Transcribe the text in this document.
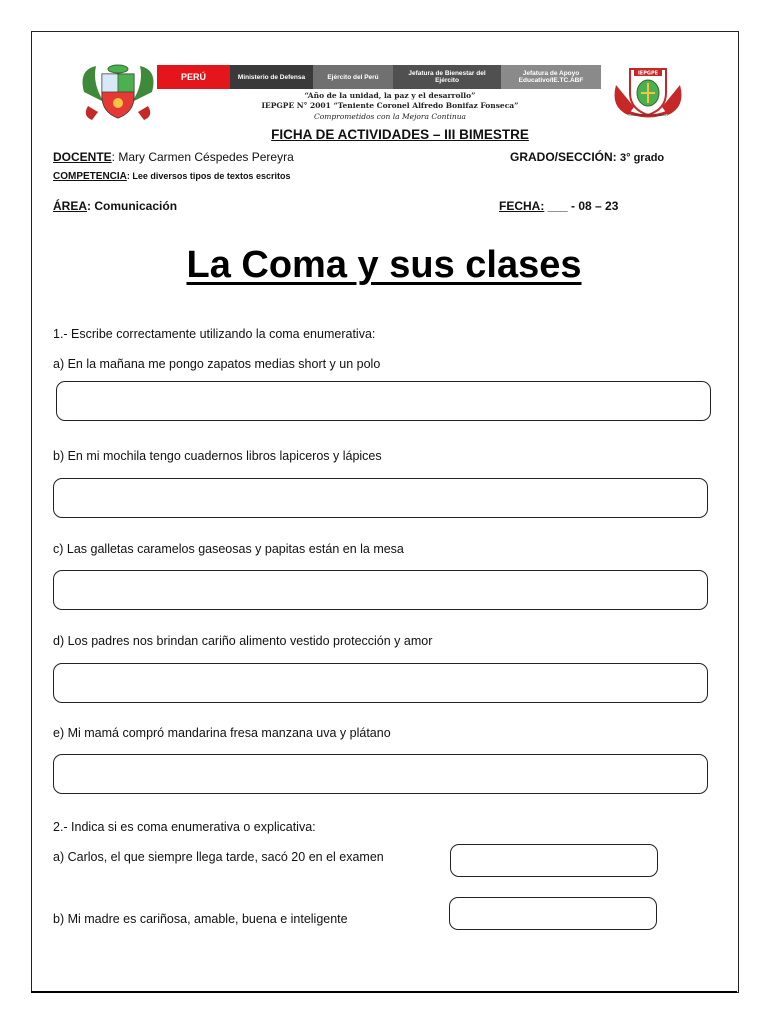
PERÚ	Ministerio de Defensa	Ejército del Perú	Jefatura de Bienestar del Ejército
Jefatura de Apoyo Educativo/IE.TC.ABF
“Año de la unidad, la paz y el desarrollo”
IEPGPE N° 2001 “Teniente Coronel Alfredo Bonifaz Fonseca”
Comprometidos con la Mejora Continua
IEPGPE
Excelencia en Educación
FICHA DE ACTIVIDADES – III BIMESTRE
DOCENTE: Mary Carmen Céspedes Pereyra	GRADO/SECCIÓN: 3° grado
COMPETENCIA: Lee diversos tipos de textos escritos
ÁREA: Comunicación	FECHA: ___ - 08 – 23
La Coma y sus clases
1.- Escribe correctamente utilizando la coma enumerativa:
a) En la mañana me pongo zapatos medias short y un polo
b) En mi mochila tengo cuadernos libros lapiceros y lápices
c) Las galletas caramelos gaseosas y papitas están en la mesa
d) Los padres nos brindan cariño alimento vestido protección y amor
e) Mi mamá compró mandarina fresa manzana uva y plátano
2.- Indica si es coma enumerativa o explicativa:
a) Carlos, el que siempre llega tarde, sacó 20 en el examen
b) Mi madre es cariñosa, amable, buena e inteligente
